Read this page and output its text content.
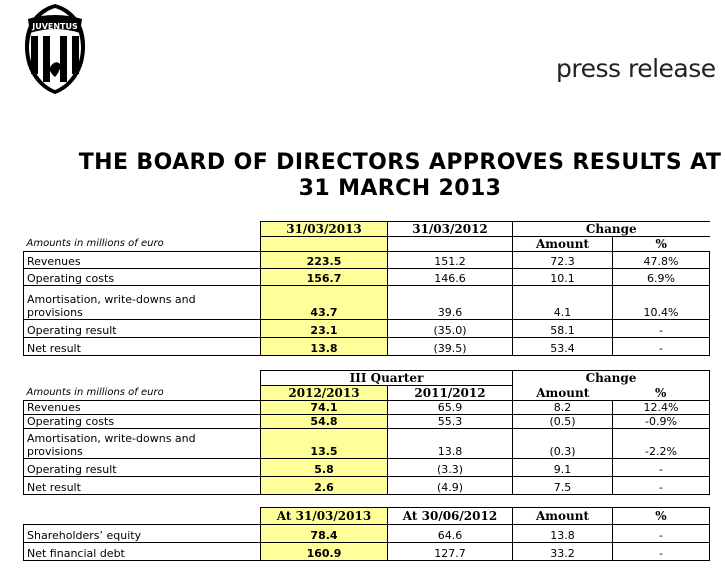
JUVENTUS
press release
THE BOARD OF DIRECTORS APPROVES RESULTS AT
31 MARCH 2013
	31/03/2013	31/03/2012	Change	
Amounts in millions of euro			Amount	%
Revenues	223.5	151.2	72.3	47.8%
Operating costs	156.7	146.6	10.1	6.9%

Amortisation, write-downs and
provisions	43.7	39.6	4.1	10.4%
Operating result	23.1	(35.0)	58.1	-
Net result	13.8	(39.5)	53.4	-
	III Quarter		Change	
Amounts in millions of euro	2012/2013	2011/2012	Amount	%
Revenues	74.1	65.9	8.2	12.4%
Operating costs	54.8	55.3	(0.5)	-0.9%

Amortisation, write-downs and
provisions	13.5	13.8	(0.3)	-2.2%
Operating result	5.8	(3.3)	9.1	-
Net result	2.6	(4.9)	7.5	-
	At 31/03/2013	At 30/06/2012	Amount	%
Shareholders’ equity	78.4	64.6	13.8	-
Net financial debt	160.9	127.7	33.2	-
